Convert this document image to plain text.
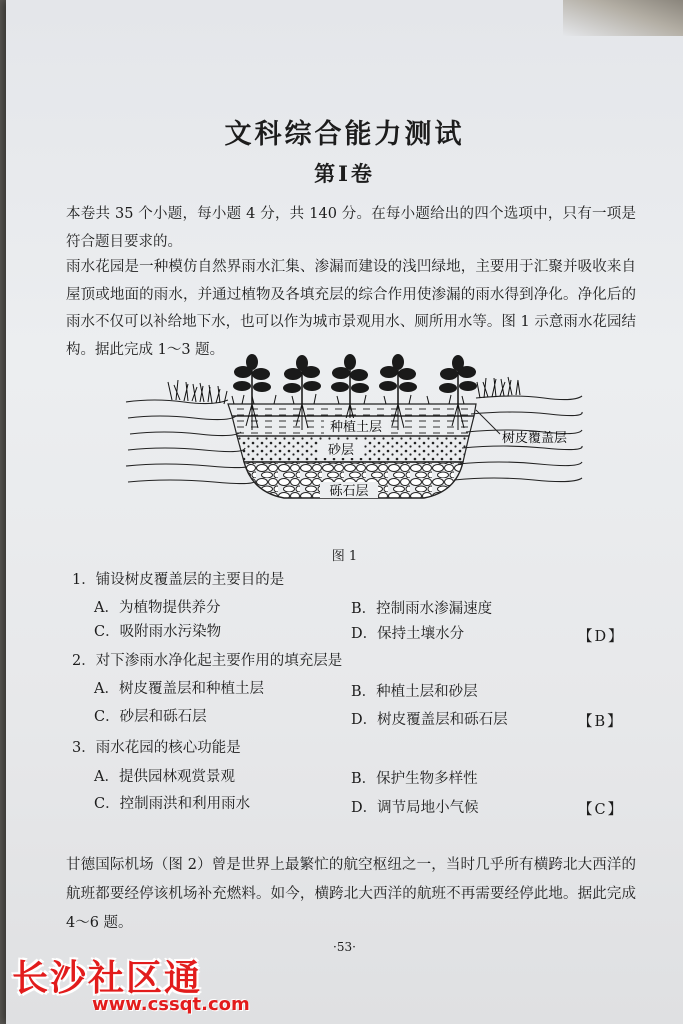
文科综合能力测试
第Ⅰ卷
本卷共 35 个小题，每小题 4 分，共 140 分。在每小题给出的四个选项中，只有一项是符合题目要求的。
雨水花园是一种模仿自然界雨水汇集、渗漏而建设的浅凹绿地，主要用于汇聚并吸收来自屋顶或地面的雨水，并通过植物及各填充层的综合作用使渗漏的雨水得到净化。净化后的雨水不仅可以补给地下水，也可以作为城市景观用水、厕所用水等。图 1 示意雨水花园结构。据此完成 1～3 题。
种植土层
砂层
砾石层
树皮覆盖层
图 1
1．铺设树皮覆盖层的主要目的是
A．为植物提供养分	B．控制雨水渗漏速度
C．吸附雨水污染物	D．保持土壤水分	【D】
2．对下渗雨水净化起主要作用的填充层是
A．树皮覆盖层和种植土层	B．种植土层和砂层
C．砂层和砾石层	D．树皮覆盖层和砾石层	【B】
3．雨水花园的核心功能是
A．提供园林观赏景观	B．保护生物多样性
C．控制雨洪和利用雨水	D．调节局地小气候	【C】
甘德国际机场（图 2）曾是世界上最繁忙的航空枢纽之一，当时几乎所有横跨北大西洋的航班都要经停该机场补充燃料。如今，横跨北大西洋的航班不再需要经停此地。据此完成 4～6 题。
·53·
长沙社区通
www.cssqt.com
